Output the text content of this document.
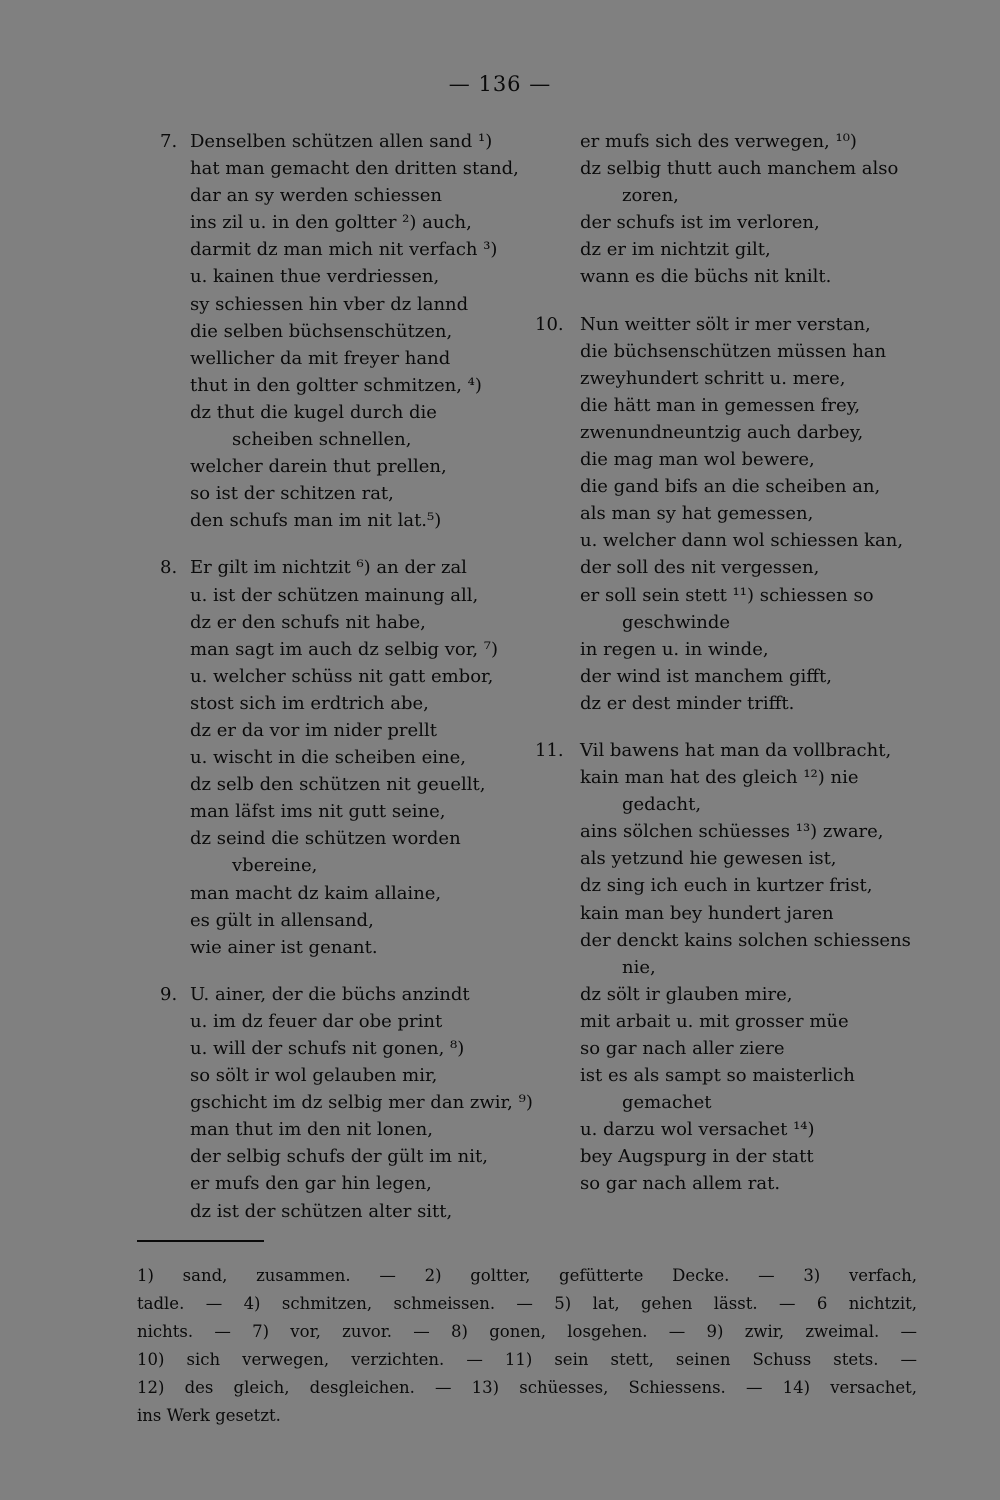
— 136 —
7. Denselben schützen allen sand ¹)
hat man gemacht den dritten stand,
dar an sy werden schiessen
ins zil u. in den goltter ²) auch,
darmit dz man mich nit verfach ³)
u. kainen thue verdriessen,
sy schiessen hin vber dz lannd
die selben büchsenschützen,
wellicher da mit freyer hand
thut in den goltter schmitzen, ⁴)
dz thut die kugel durch die
scheiben schnellen,
welcher darein thut prellen,
so ist der schitzen rat,
den schufs man im nit lat.⁵)
8. Er gilt im nichtzit ⁶) an der zal
u. ist der schützen mainung all,
dz er den schufs nit habe,
man sagt im auch dz selbig vor, ⁷)
u. welcher schüss nit gatt embor,
stost sich im erdtrich abe,
dz er da vor im nider prellt
u. wischt in die scheiben eine,
dz selb den schützen nit geuellt,
man läfst ims nit gutt seine,
dz seind die schützen worden
vbereine,
man macht dz kaim allaine,
es gült in allensand,
wie ainer ist genant.
9. U. ainer, der die büchs anzindt
u. im dz feuer dar obe print
u. will der schufs nit gonen, ⁸)
so sölt ir wol gelauben mir,
gschicht im dz selbig mer dan zwir, ⁹)
man thut im den nit lonen,
der selbig schufs der gült im nit,
er mufs den gar hin legen,
dz ist der schützen alter sitt,
er mufs sich des verwegen, ¹⁰)
dz selbig thutt auch manchem also
zoren,
der schufs ist im verloren,
dz er im nichtzit gilt,
wann es die büchs nit knilt.
10. Nun weitter sölt ir mer verstan,
die büchsenschützen müssen han
zweyhundert schritt u. mere,
die hätt man in gemessen frey,
zwenundneuntzig auch darbey,
die mag man wol bewere,
die gand bifs an die scheiben an,
als man sy hat gemessen,
u. welcher dann wol schiessen kan,
der soll des nit vergessen,
er soll sein stett ¹¹) schiessen so
geschwinde
in regen u. in winde,
der wind ist manchem gifft,
dz er dest minder trifft.
11. Vil bawens hat man da vollbracht,
kain man hat des gleich ¹²) nie
gedacht,
ains sölchen schüesses ¹³) zware,
als yetzund hie gewesen ist,
dz sing ich euch in kurtzer frist,
kain man bey hundert jaren
der denckt kains solchen schiessens
nie,
dz sölt ir glauben mire,
mit arbait u. mit grosser müe
so gar nach aller ziere
ist es als sampt so maisterlich
gemachet
u. darzu wol versachet ¹⁴)
bey Augspurg in der statt
so gar nach allem rat.
1) sand, zusammen. — 2) goltter, gefütterte Decke. — 3) verfach,
tadle. — 4) schmitzen, schmeissen. — 5) lat, gehen lässt. — 6 nichtzit,
nichts. — 7) vor, zuvor. — 8) gonen, losgehen. — 9) zwir, zweimal. —
10) sich verwegen, verzichten. — 11) sein stett, seinen Schuss stets. —
12) des gleich, desgleichen. — 13) schüesses, Schiessens. — 14) versachet,
ins Werk gesetzt.
